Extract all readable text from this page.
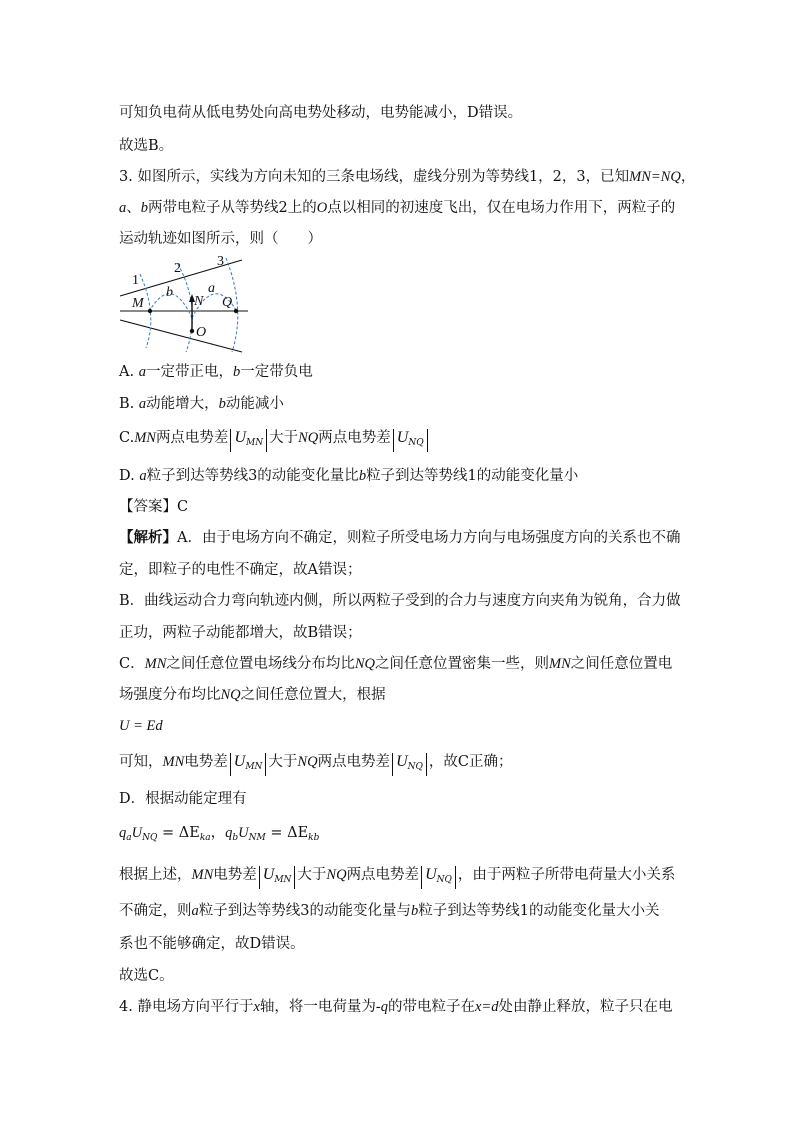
可知负电荷从低电势处向高电势处移动，电势能减小，D错误。
故选B。
3. 如图所示，实线为方向未知的三条电场线，虚线分别为等势线1，2，3，已知MN=NQ，
a、b两带电粒子从等势线2上的O点以相同的初速度飞出，仅在电场力作用下，两粒子的
运动轨迹如图所示，则（　　）
1
2	3
M
b
N
a
Q
O
A. a一定带正电，b一定带负电
B. a动能增大，b动能减小
C.MN两点电势差 $U_{MN}$ 大于NQ两点电势差 $U_{NQ}$
D. a粒子到达等势线3的动能变化量比b粒子到达等势线1的动能变化量小
【答案】C
【解析】A．由于电场方向不确定，则粒子所受电场力方向与电场强度方向的关系也不确
定，即粒子的电性不确定，故A错误；
B．曲线运动合力弯向轨迹内侧，所以两粒子受到的合力与速度方向夹角为锐角，合力做
正功，两粒子动能都增大，故B错误；
C．MN之间任意位置电场线分布均比NQ之间任意位置密集一些，则MN之间任意位置电
场强度分布均比NQ之间任意位置大，根据
U = Ed
可知，MN电势差 $U_{MN}$ 大于NQ两点电势差 $U_{NQ}$ ，故C正确；
D．根据动能定理有
$q_aU_{NQ} = \Delta E_{ka}$，$q_bU_{NM} = \Delta E_{kb}$
根据上述，MN电势差 $U_{MN}$ 大于NQ两点电势差 $U_{NQ}$ ，由于两粒子所带电荷量大小关系
不确定，则a粒子到达等势线3的动能变化量与b粒子到达等势线1的动能变化量大小关
系也不能够确定，故D错误。
故选C。
4. 静电场方向平行于x轴，将一电荷量为-q的带电粒子在x=d处由静止释放，粒子只在电
